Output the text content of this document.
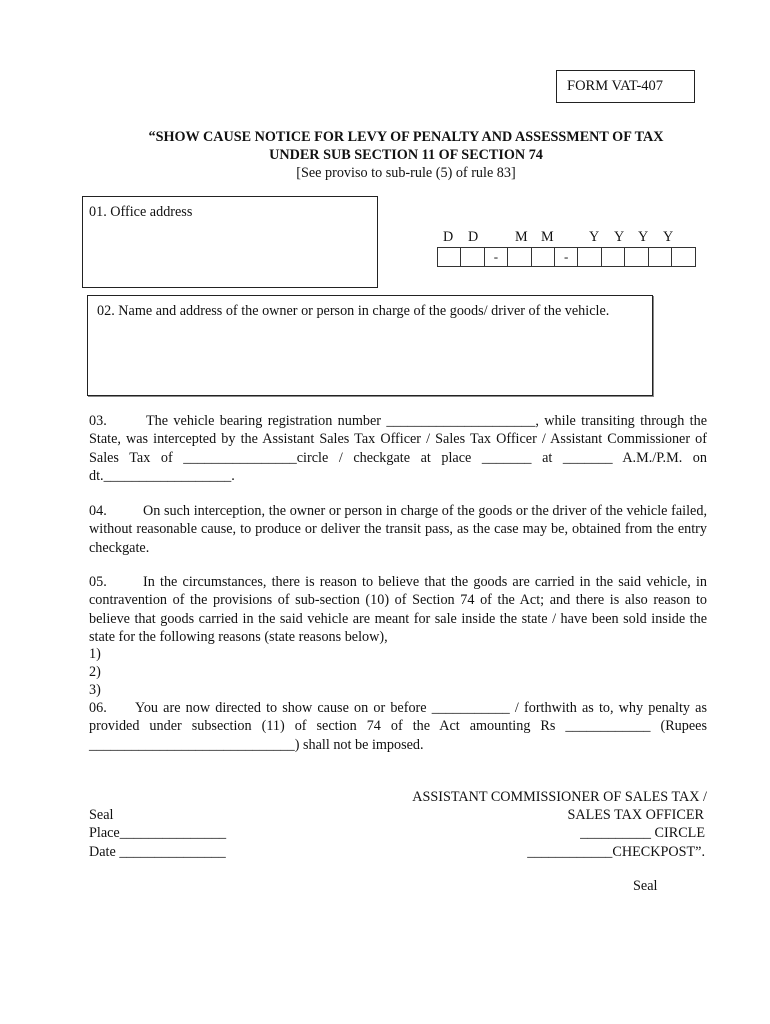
FORM VAT-407
“SHOW CAUSE NOTICE FOR LEVY OF PENALTY AND ASSESSMENT OF TAX
UNDER SUB SECTION 11 OF SECTION 74
[See proviso to sub-rule (5) of rule 83]
01. Office address
D D	M M Y Y Y Y
-	-
02. Name and address of the owner or person in charge of the goods/ driver of the vehicle.
03.	The vehicle bearing registration number _____________________, while transiting through the State, was intercepted by the Assistant Sales Tax Officer / Sales Tax Officer / Assistant Commissioner of Sales Tax of ________________circle / checkgate at place _______ at _______ A.M./P.M. on dt.__________________.
04.	On such interception, the owner or person in charge of the goods or the driver of the vehicle failed, without reasonable cause, to produce or deliver the transit pass, as the case may be, obtained from the entry checkgate.
05.	In the circumstances, there is reason to believe that the goods are carried in the said vehicle, in contravention of the provisions of sub-section (10) of Section 74 of the Act; and there is also reason to believe that goods carried in the said vehicle are meant for sale inside the state / have been sold inside the state for the following reasons (state reasons below),
1)
2)
3)
06. You are now directed to show cause on or before ___________ / forthwith as to, why penalty as provided under subsection (11) of section 74 of the Act amounting Rs ____________ (Rupees _____________________________) shall not be imposed.
ASSISTANT COMMISSIONER OF SALES TAX /
SALES TAX OFFICER
__________ CIRCLE
____________CHECKPOST”.
Seal
Place_______________
Date _______________
Seal
